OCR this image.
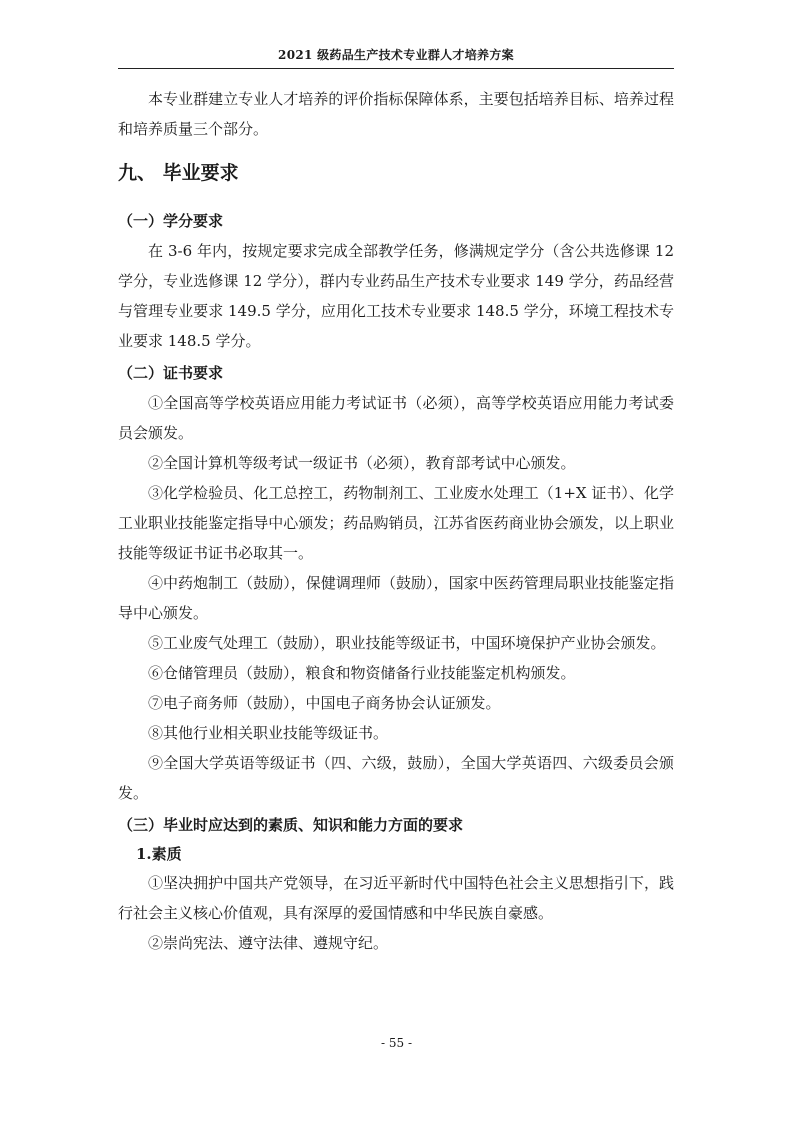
2021 级药品生产技术专业群人才培养方案

本专业群建立专业人才培养的评价指标保障体系，主要包括培养目标、培养过程和培养质量三个部分。

九、 毕业要求
（一）学分要求

在 3-6 年内，按规定要求完成全部教学任务，修满规定学分（含公共选修课 12 学分，专业选修课 12 学分），群内专业药品生产技术专业要求 149 学分，药品经营与管理专业要求 149.5 学分，应用化工技术专业要求 148.5 学分，环境工程技术专业要求 148.5 学分。

（二）证书要求

①全国高等学校英语应用能力考试证书（必须），高等学校英语应用能力考试委员会颁发。

②全国计算机等级考试一级证书（必须），教育部考试中心颁发。

③化学检验员、化工总控工，药物制剂工、工业废水处理工（1+X 证书）、化学工业职业技能鉴定指导中心颁发；药品购销员，江苏省医药商业协会颁发，以上职业技能等级证书证书必取其一。

④中药炮制工（鼓励），保健调理师（鼓励），国家中医药管理局职业技能鉴定指导中心颁发。

⑤工业废气处理工（鼓励），职业技能等级证书，中国环境保护产业协会颁发。

⑥仓储管理员（鼓励），粮食和物资储备行业技能鉴定机构颁发。

⑦电子商务师（鼓励），中国电子商务协会认证颁发。

⑧其他行业相关职业技能等级证书。

⑨全国大学英语等级证书（四、六级，鼓励），全国大学英语四、六级委员会颁发。

（三）毕业时应达到的素质、知识和能力方面的要求
1.素质

①坚决拥护中国共产党领导，在习近平新时代中国特色社会主义思想指引下，践行社会主义核心价值观，具有深厚的爱国情感和中华民族自豪感。

②崇尚宪法、遵守法律、遵规守纪。

- 55 -
